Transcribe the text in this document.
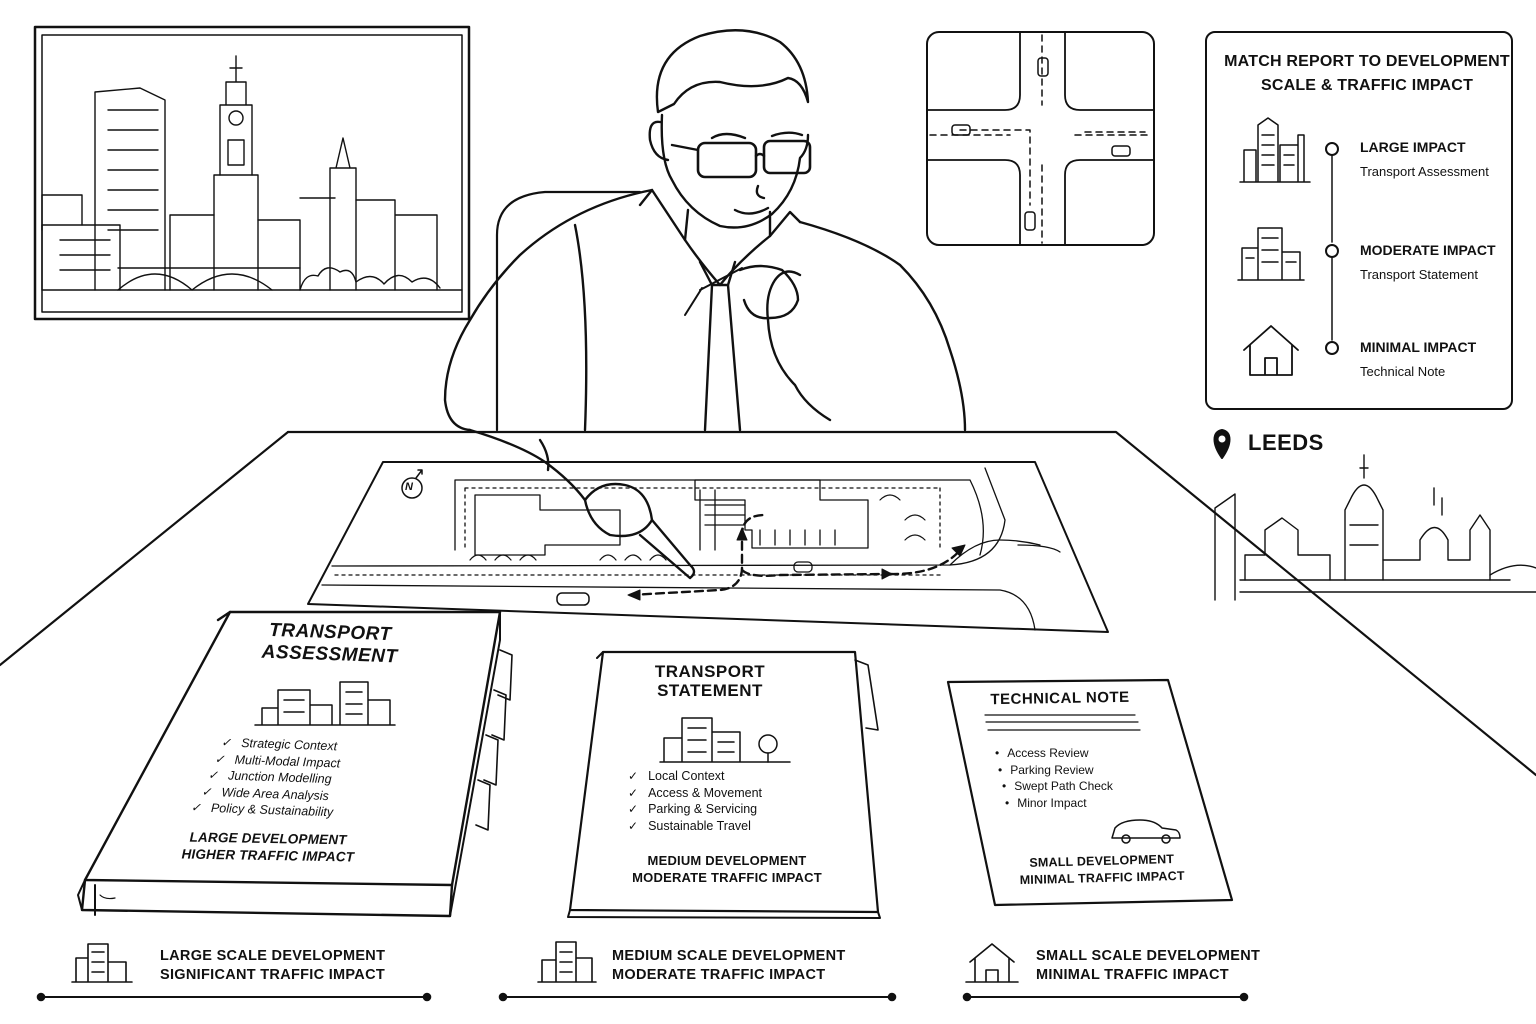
MATCH REPORT TO DEVELOPMENT SCALE & TRAFFIC IMPACT
LARGE IMPACT
Transport Assessment
MODERATE IMPACT
Transport Statement
MINIMAL IMPACT
Technical Note
LEEDS
N
TRANSPORT
ASSESSMENT
✓ Strategic Context
✓ Multi-Modal Impact
✓ Junction Modelling
✓ Wide Area Analysis
✓ Policy & Sustainability
LARGE DEVELOPMENT
HIGHER TRAFFIC IMPACT
TRANSPORT
STATEMENT
✓ Local Context
✓ Access & Movement
✓ Parking & Servicing
✓ Sustainable Travel
MEDIUM DEVELOPMENT
MODERATE TRAFFIC IMPACT
TECHNICAL NOTE
• Access Review
• Parking Review
• Swept Path Check
• Minor Impact
SMALL DEVELOPMENT
MINIMAL TRAFFIC IMPACT
LARGE SCALE DEVELOPMENT
SIGNIFICANT TRAFFIC IMPACT
MEDIUM SCALE DEVELOPMENT
MODERATE TRAFFIC IMPACT
SMALL SCALE DEVELOPMENT
MINIMAL TRAFFIC IMPACT
